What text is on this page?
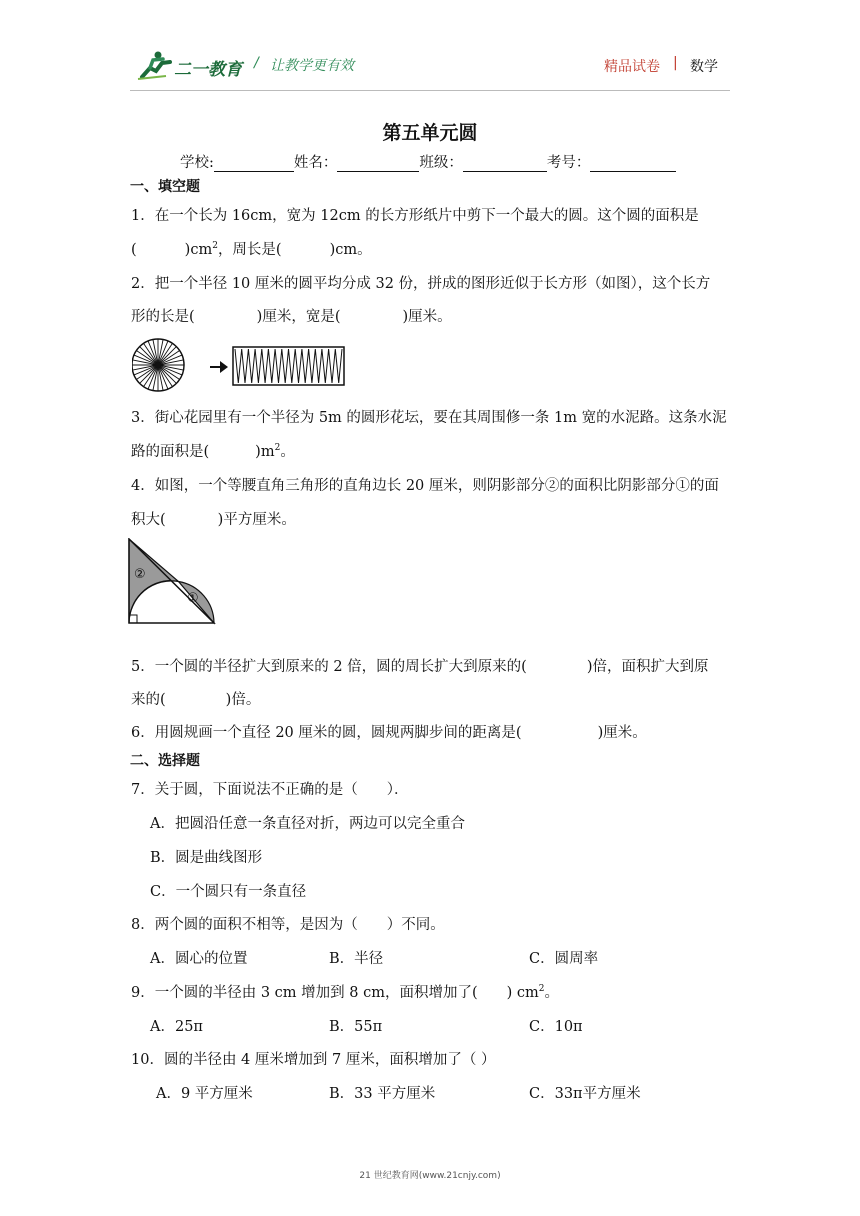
二一教育 / 让教学更有效	精品试卷 | 数学
第五单元圆
学校:	姓名：	班级：	考号：
一、填空题
1．在一个长为 16cm，宽为 12cm 的长方形纸片中剪下一个最大的圆。这个圆的面积是
(	)$cm^2$，周长是(	)cm。
2．把一个半径 10 厘米的圆平均分成 32 份，拼成的图形近似于长方形（如图），这个长方
形的长是(	)厘米，宽是(	)厘米。
3．街心花园里有一个半径为 5m 的圆形花坛，要在其周围修一条 1m 宽的水泥路。这条水泥
路的面积是(	)$m^2$。
4．如图，一个等腰直角三角形的直角边长 20 厘米，则阴影部分②的面积比阴影部分①的面
积大(	)平方厘米。
②
①
5．一个圆的半径扩大到原来的 2 倍，圆的周长扩大到原来的(	)倍，面积扩大到原
来的(	)倍。
6．用圆规画一个直径 20 厘米的圆，圆规两脚步间的距离是(	)厘米。
二、选择题
7．关于圆，下面说法不正确的是（　　）．
A．把圆沿任意一条直径对折，两边可以完全重合
B．圆是曲线图形
C．一个圆只有一条直径
8．两个圆的面积不相等，是因为（　　）不同。
A．圆心的位置	B．半径	C．圆周率
9．一个圆的半径由 3 cm 增加到 8 cm，面积增加了(　　) $cm^2$。
A．25π	B．55π	C．10π
10．圆的半径由 4 厘米增加到 7 厘米，面积增加了（ ）
A．9 平方厘米	B．33 平方厘米	C．33π平方厘米
21 世纪教育网(www.21cnjy.com)
